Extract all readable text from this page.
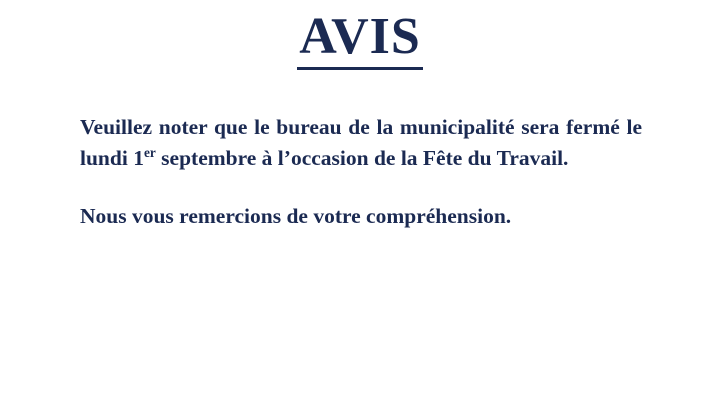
AVIS

Veuillez noter que le bureau de la municipalité sera fermé le lundi 1er septembre à l’occasion de la Fête du Travail.

Nous vous remercions de votre compréhension.
